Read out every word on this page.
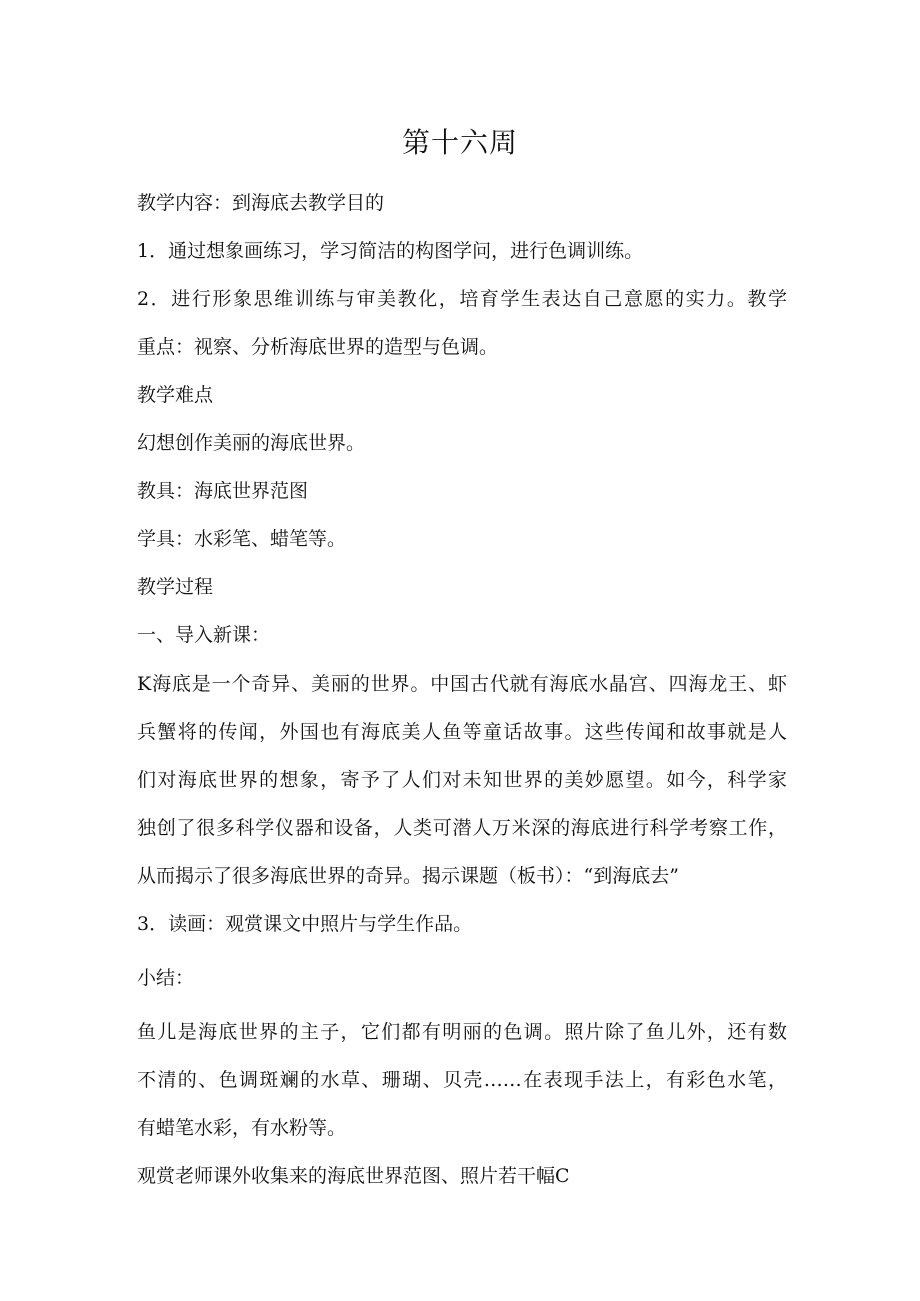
第十六周
教学内容：到海底去教学目的
1．通过想象画练习，学习简洁的构图学问，进行色调训练。
2．进行形象思维训练与审美教化，培育学生表达自己意愿的实力。教学
重点：视察、分析海底世界的造型与色调。
教学难点
幻想创作美丽的海底世界。
教具：海底世界范图
学具：水彩笔、蜡笔等。
教学过程
一、导入新课：
K海底是一个奇异、美丽的世界。中国古代就有海底水晶宫、四海龙王、虾
兵蟹将的传闻，外国也有海底美人鱼等童话故事。这些传闻和故事就是人
们对海底世界的想象，寄予了人们对未知世界的美妙愿望。如今，科学家
独创了很多科学仪器和设备，人类可潜人万米深的海底进行科学考察工作，
从而揭示了很多海底世界的奇异。揭示课题（板书）：“到海底去”
3．读画：观赏课文中照片与学生作品。
小结：
鱼儿是海底世界的主子，它们都有明丽的色调。照片除了鱼儿外，还有数
不清的、色调斑斓的水草、珊瑚、贝壳……在表现手法上，有彩色水笔，
有蜡笔水彩，有水粉等。
观赏老师课外收集来的海底世界范图、照片若干幅C
